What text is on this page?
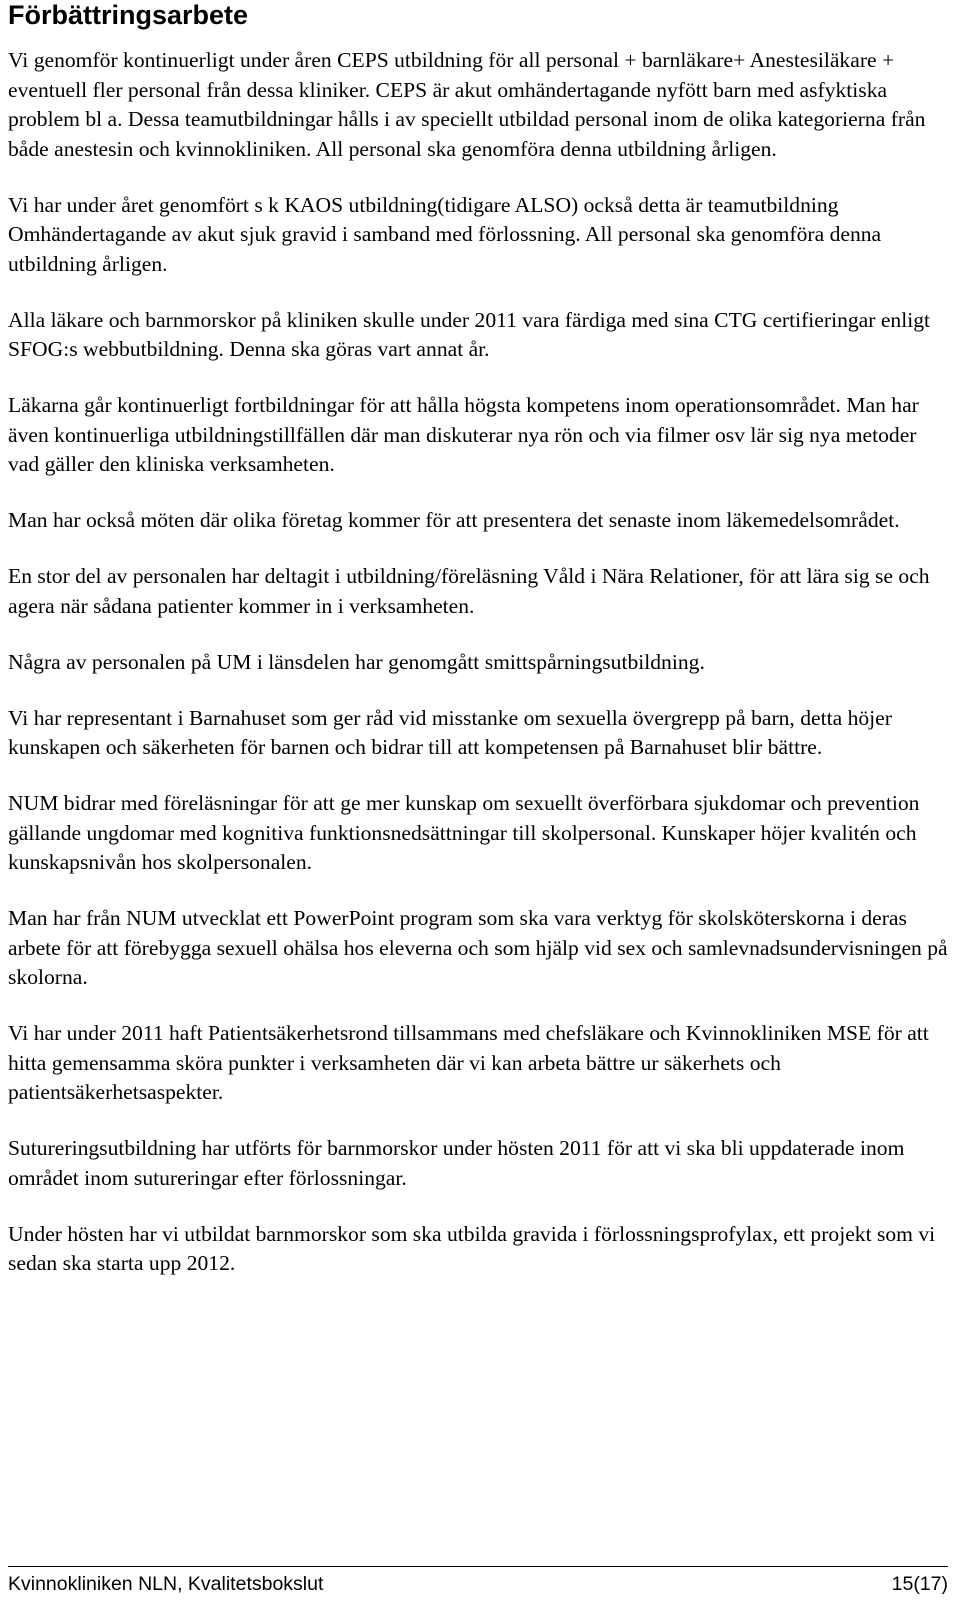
Förbättringsarbete

Vi genomför kontinuerligt under åren CEPS utbildning för all personal + barnläkare+ Anestesiläkare + eventuell fler personal från dessa kliniker. CEPS är akut omhändertagande nyfött barn med asfyktiska problem bl a. Dessa teamutbildningar hålls i av speciellt utbildad personal inom de olika kategorierna från både anestesin och kvinnokliniken. All personal ska genomföra denna utbildning årligen.

Vi har under året genomfört s k KAOS utbildning(tidigare ALSO) också detta är teamutbildning Omhändertagande av akut sjuk gravid i samband med förlossning. All personal ska genomföra denna utbildning årligen.

Alla läkare och barnmorskor på kliniken skulle under 2011 vara färdiga med sina CTG certifieringar enligt SFOG:s webbutbildning. Denna ska göras vart annat år.

Läkarna går kontinuerligt fortbildningar för att hålla högsta kompetens inom operationsområdet. Man har även kontinuerliga utbildningstillfällen där man diskuterar nya rön och via filmer osv lär sig nya metoder vad gäller den kliniska verksamheten.

Man har också möten där olika företag kommer för att presentera det senaste inom läkemedelsområdet.

En stor del av personalen har deltagit i utbildning/föreläsning Våld i Nära Relationer, för att lära sig se och agera när sådana patienter kommer in i verksamheten.

Några av personalen på UM i länsdelen har genomgått smittspårningsutbildning.

Vi har representant i Barnahuset som ger råd vid misstanke om sexuella övergrepp på barn, detta höjer kunskapen och säkerheten för barnen och bidrar till att kompetensen på Barnahuset blir bättre.

NUM bidrar med föreläsningar för att ge mer kunskap om sexuellt överförbara sjukdomar och prevention gällande ungdomar med kognitiva funktionsnedsättningar till skolpersonal. Kunskaper höjer kvalitén och kunskapsnivån hos skolpersonalen.

Man har från NUM utvecklat ett PowerPoint program som ska vara verktyg för skolsköterskorna i deras arbete för att förebygga sexuell ohälsa hos eleverna och som hjälp vid sex och samlevnadsundervisningen på skolorna.

Vi har under 2011 haft Patientsäkerhetsrond tillsammans med chefsläkare och Kvinnokliniken MSE för att hitta gemensamma sköra punkter i verksamheten där vi kan arbeta bättre ur säkerhets och patientsäkerhetsaspekter.

Sutureringsutbildning har utförts för barnmorskor under hösten 2011 för att vi ska bli uppdaterade inom området inom sutureringar efter förlossningar.

Under hösten har vi utbildat barnmorskor som ska utbilda gravida i förlossningsprofylax, ett projekt som vi sedan ska starta upp 2012.

Kvinnokliniken NLN, Kvalitetsbokslut	15(17)
